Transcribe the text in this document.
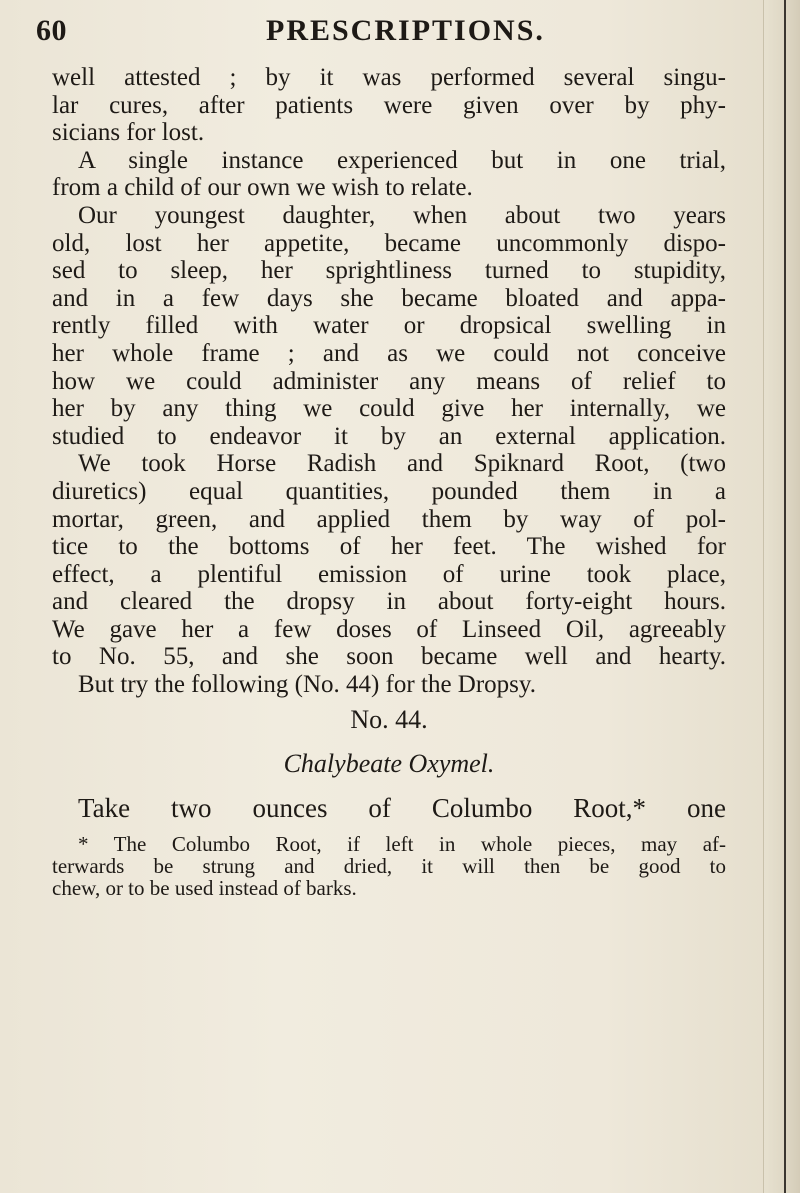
60	PRESCRIPTIONS.
well attested ; by it was performed several singu-
lar cures, after patients were given over by phy-
sicians for lost.
A single instance experienced but in one trial,
from a child of our own we wish to relate.
Our youngest daughter, when about two years
old, lost her appetite, became uncommonly dispo-
sed to sleep, her sprightliness turned to stupidity,
and in a few days she became bloated and appa-
rently filled with water or dropsical swelling in
her whole frame ; and as we could not conceive
how we could administer any means of relief to
her by any thing we could give her internally, we
studied to endeavor it by an external application.
We took Horse Radish and Spiknard Root, (two
diuretics) equal quantities, pounded them in a
mortar, green, and applied them by way of pol-
tice to the bottoms of her feet. The wished for
effect, a plentiful emission of urine took place,
and cleared the dropsy in about forty-eight hours.
We gave her a few doses of Linseed Oil, agreeably
to No. 55, and she soon became well and hearty.
But try the following (No. 44) for the Dropsy.
No. 44.
Chalybeate Oxymel.
Take two ounces of Columbo Root,* one
* The Columbo Root, if left in whole pieces, may af-
terwards be strung and dried, it will then be good to
chew, or to be used instead of barks.
